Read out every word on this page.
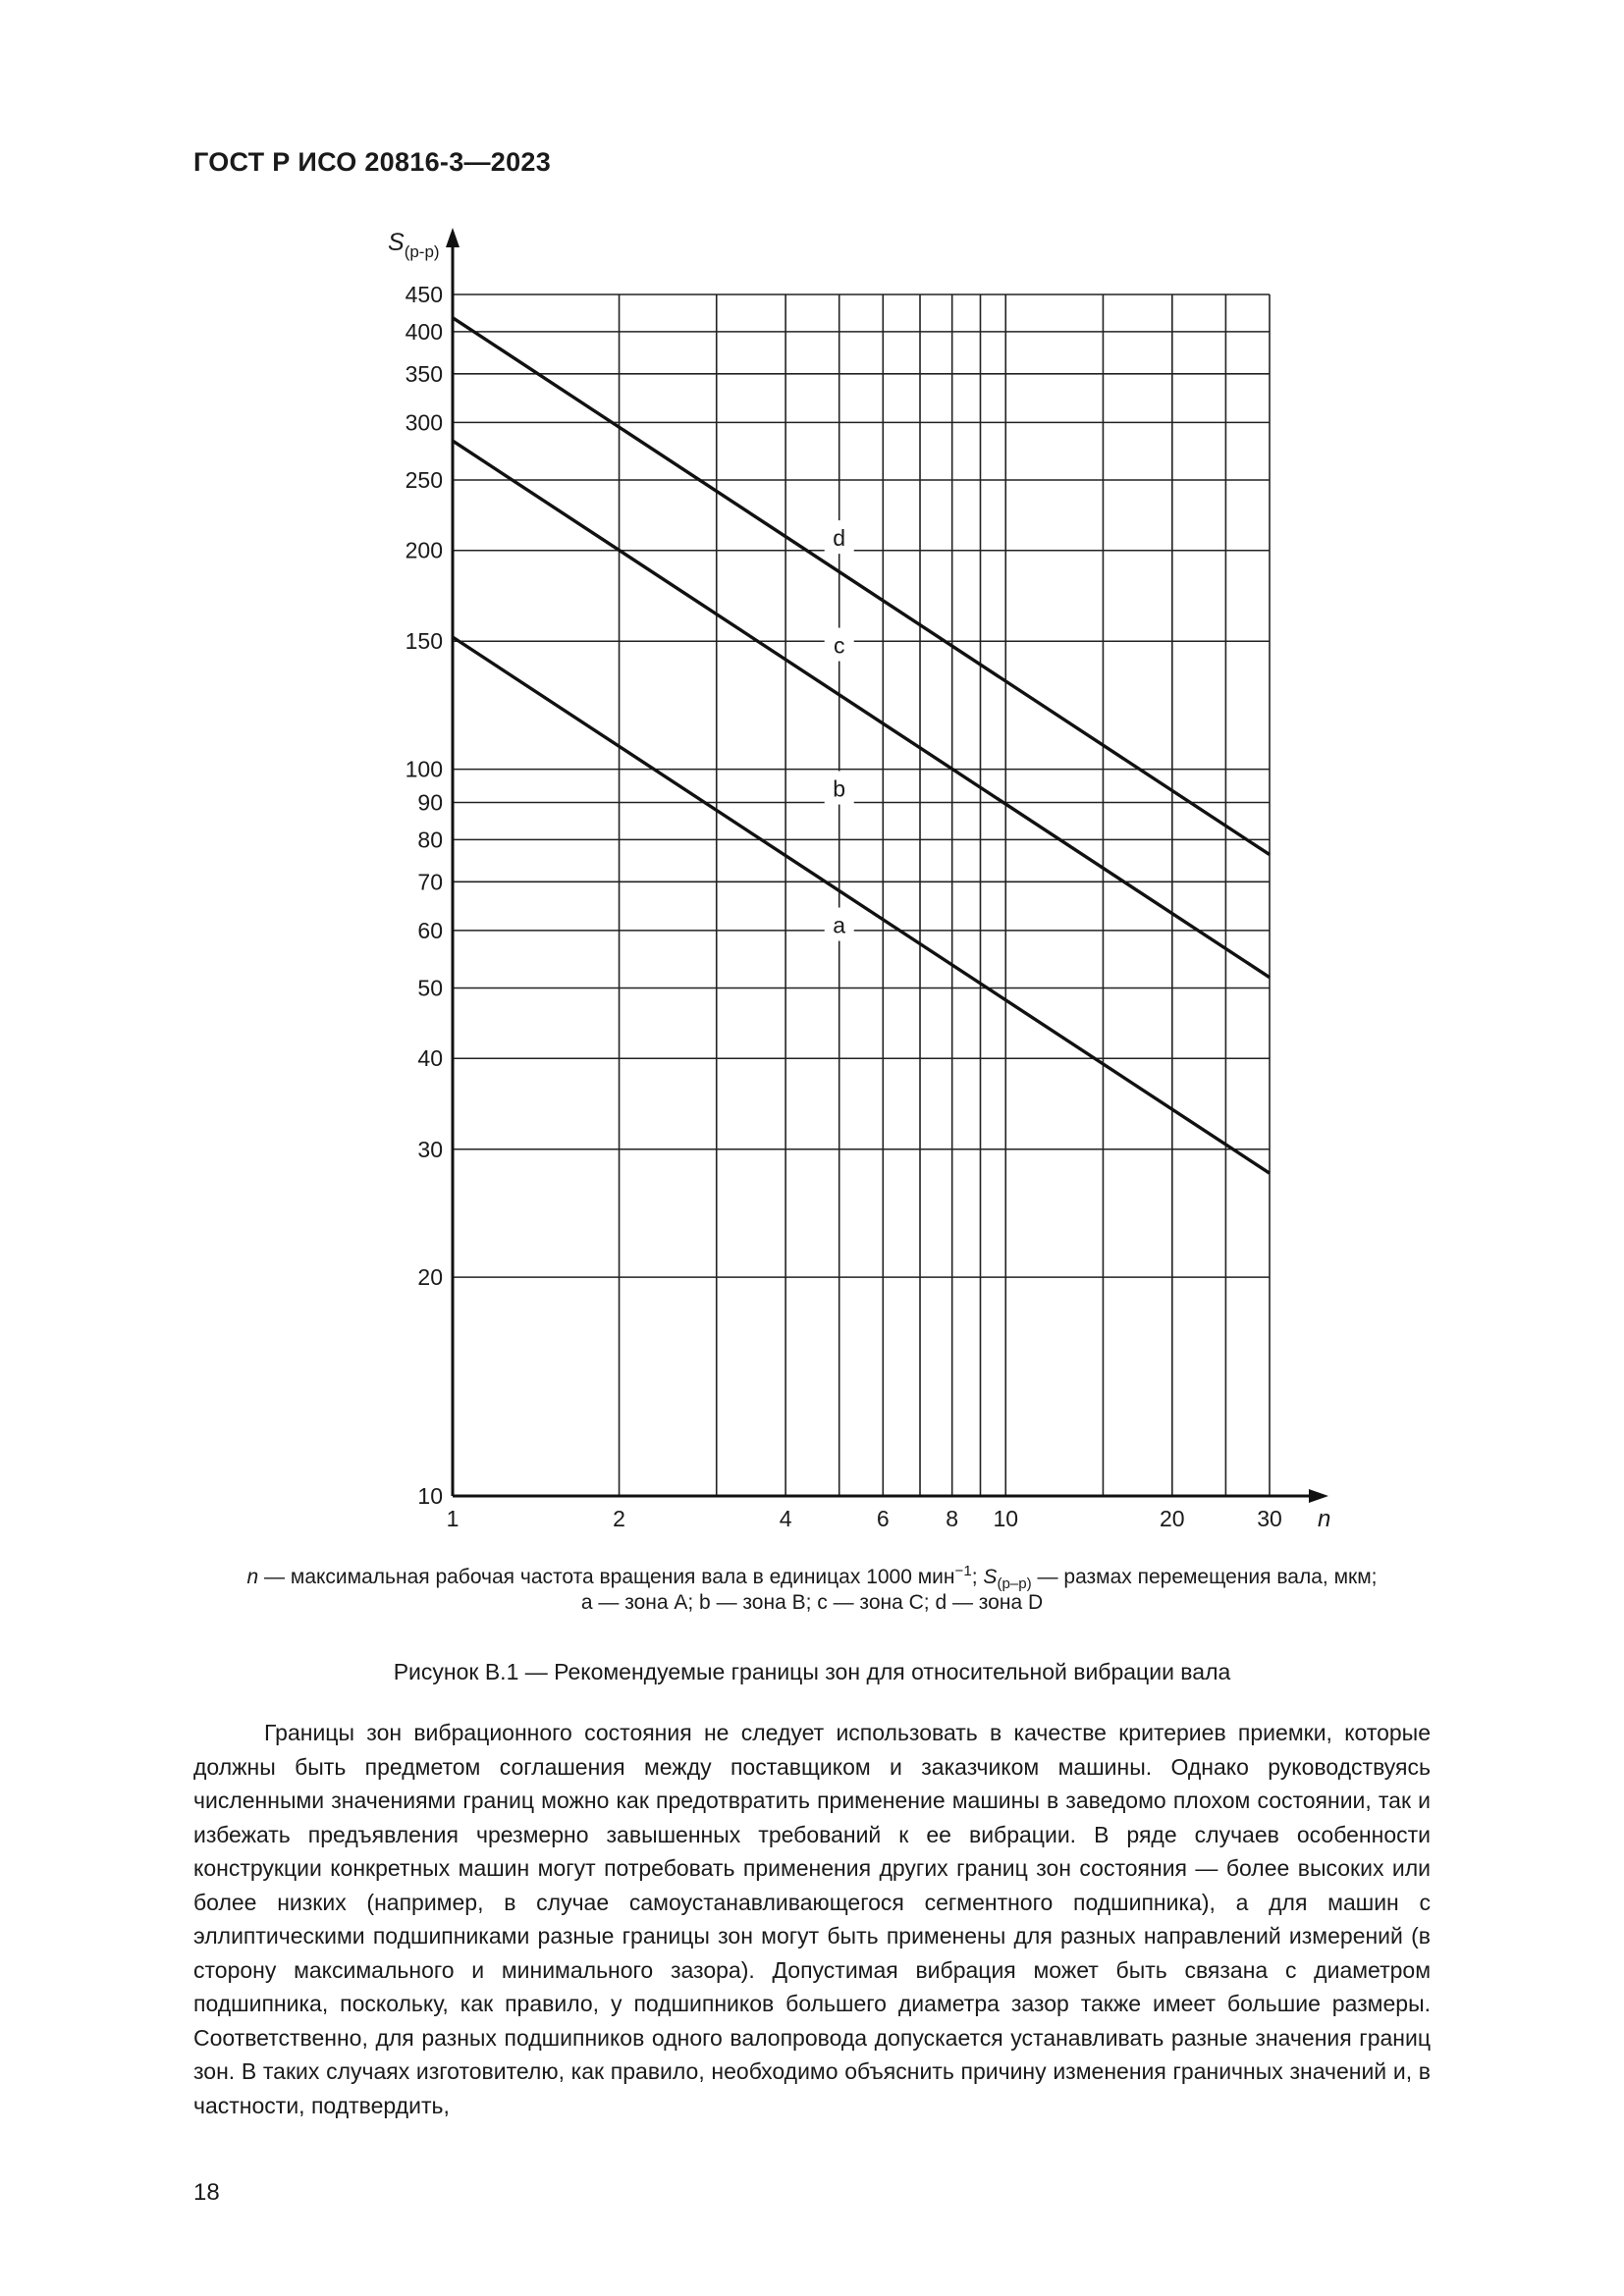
ГОСТ Р ИСО 20816-3—2023
10
20
30
40
50
60
70
80
90
100
150
200
250
300
350
400
450
1	2	4	6	8 10	20	30 n
$S_{(p-p)}$
a
b
c
d
n — максимальная рабочая частота вращения вала в единицах 1000 мин$^{-1}$; $S_{(p-p)}$ — размах перемещения вала, мкм;
a — зона A; b — зона B; c — зона C; d — зона D
Рисунок B.1 — Рекомендуемые границы зон для относительной вибрации вала

Границы зон вибрационного состояния не следует использовать в качестве критериев приемки, которые должны быть предметом соглашения между поставщиком и заказчиком машины. Однако руководствуясь численными значениями границ можно как предотвратить применение машины в заведомо плохом состоянии, так и избежать предъявления чрезмерно завышенных требований к ее вибрации. В ряде случаев особенности конструкции конкретных машин могут потребовать применения других границ зон состояния — более высоких или более низких (например, в случае самоустанавливающегося сегментного подшипника), а для машин с эллиптическими подшипниками разные границы зон могут быть применены для разных направлений измерений (в сторону максимального и минимального зазора). Допустимая вибрация может быть связана с диаметром подшипника, поскольку, как правило, у подшипников большего диаметра зазор также имеет большие размеры. Соответственно, для разных подшипников одного валопровода допускается устанавливать разные значения границ зон. В таких случаях изготовителю, как правило, необходимо объяснить причину изменения граничных значений и, в частности, подтвердить,

18
